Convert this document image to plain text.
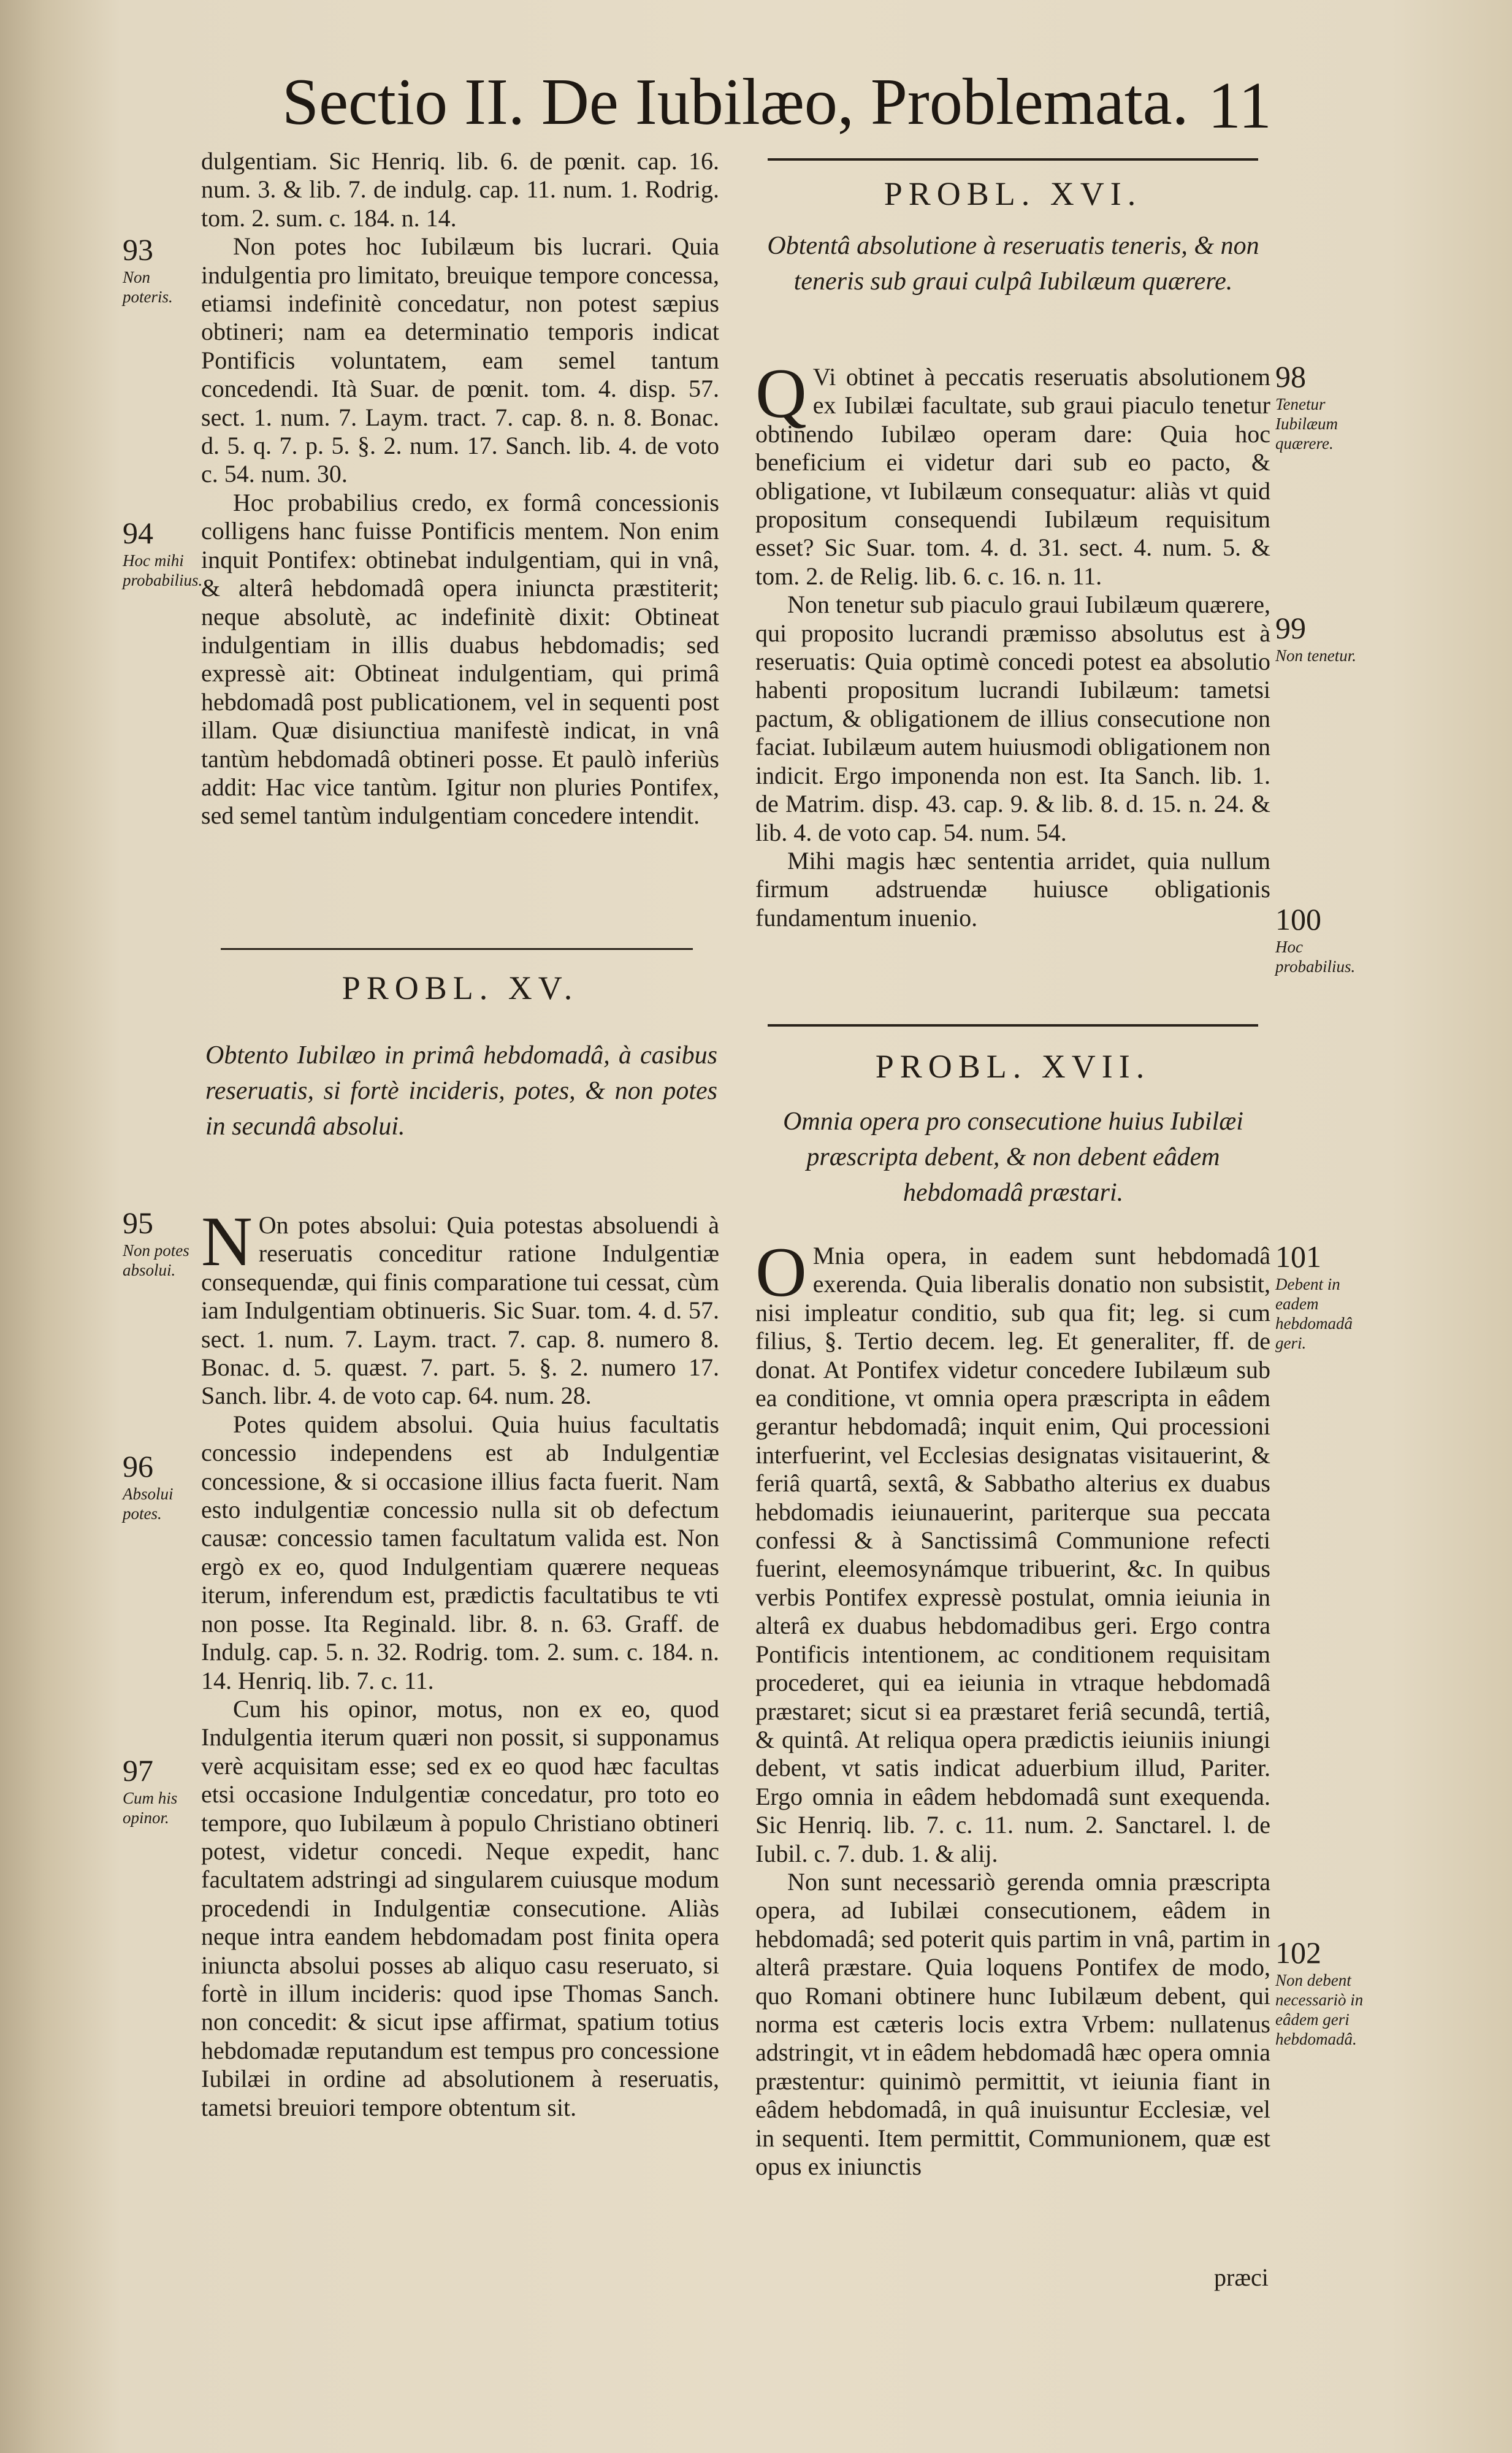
Sectio II. De Iubilæo, Problemata. 11

dulgentiam. Sic Henriq. lib. 6. de pœnit. cap. 16. num. 3. & lib. 7. de indulg. cap. 11. num. 1. Rodrig. tom. 2. sum. c. 184. n. 14.

Non potes hoc Iubilæum bis lucrari. Quia indulgentia pro limitato, breuique tempore concessa, etiamsi indefinitè concedatur, non potest sæpius obtineri; nam ea determinatio temporis indicat Pontificis voluntatem, eam semel tantum concedendi. Ità Suar. de pœnit. tom. 4. disp. 57. sect. 1. num. 7. Laym. tract. 7. cap. 8. n. 8. Bonac. d. 5. q. 7. p. 5. §. 2. num. 17. Sanch. lib. 4. de voto c. 54. num. 30.

Hoc probabilius credo, ex formâ concessionis colligens hanc fuisse Pontificis mentem. Non enim inquit Pontifex: obtinebat indulgentiam, qui in vnâ, & alterâ hebdomadâ opera iniuncta præstiterit; neque absolutè, ac indefinitè dixit: Obtineat indulgentiam in illis duabus hebdomadis; sed expressè ait: Obtineat indulgentiam, qui primâ hebdomadâ post publicationem, vel in sequenti post illam. Quæ disiunctiua manifestè indicat, in vnâ tantùm hebdomadâ obtineri posse. Et paulò inferiùs addit: Hac vice tantùm. Igitur non pluries Pontifex, sed semel tantùm indulgentiam concedere intendit.

PROBL. XV.
Obtento Iubilæo in primâ hebdomadâ, à casibus reseruatis, si fortè incideris, potes, & non potes in secundâ absolui.

N On potes absolui: Quia potestas absoluendi à reseruatis conceditur ratione Indulgentiæ consequendæ, qui finis comparatione tui cessat, cùm iam Indulgentiam obtinueris. Sic Suar. tom. 4. d. 57. sect. 1. num. 7. Laym. tract. 7. cap. 8. numero 8. Bonac. d. 5. quæst. 7. part. 5. §. 2. numero 17. Sanch. libr. 4. de voto cap. 64. num. 28.

Potes quidem absolui. Quia huius facultatis concessio independens est ab Indulgentiæ concessione, & si occasione illius facta fuerit. Nam esto indulgentiæ concessio nulla sit ob defectum causæ: concessio tamen facultatum valida est. Non ergò ex eo, quod Indulgentiam quærere nequeas iterum, inferendum est, prædictis facultatibus te vti non posse. Ita Reginald. libr. 8. n. 63. Graff. de Indulg. cap. 5. n. 32. Rodrig. tom. 2. sum. c. 184. n. 14. Henriq. lib. 7. c. 11.

Cum his opinor, motus, non ex eo, quod Indulgentia iterum quæri non possit, si supponamus verè acquisitam esse; sed ex eo quod hæc facultas etsi occasione Indulgentiæ concedatur, pro toto eo tempore, quo Iubilæum à populo Christiano obtineri potest, videtur concedi. Neque expedit, hanc facultatem adstringi ad singularem cuiusque modum procedendi in Indulgentiæ consecutione. Aliàs neque intra eandem hebdomadam post finita opera iniuncta absolui posses ab aliquo casu reseruato, si fortè in illum incideris: quod ipse Thomas Sanch. non concedit: & sicut ipse affirmat, spatium totius hebdomadæ reputandum est tempus pro concessione Iubilæi in ordine ad absolutionem à reseruatis, tametsi breuiori tempore obtentum sit.

PROBL. XVI.
Obtentâ absolutione à reseruatis teneris, & non teneris sub graui culpâ Iubilæum quærere.

Q Vi obtinet à peccatis reseruatis absolutionem ex Iubilæi facultate, sub graui piaculo tenetur obtinendo Iubilæo operam dare: Quia hoc beneficium ei videtur dari sub eo pacto, & obligatione, vt Iubilæum consequatur: aliàs vt quid propositum consequendi Iubilæum requisitum esset? Sic Suar. tom. 4. d. 31. sect. 4. num. 5. & tom. 2. de Relig. lib. 6. c. 16. n. 11.

Non tenetur sub piaculo graui Iubilæum quærere, qui proposito lucrandi præmisso absolutus est à reseruatis: Quia optimè concedi potest ea absolutio habenti propositum lucrandi Iubilæum: tametsi pactum, & obligationem de illius consecutione non faciat. Iubilæum autem huiusmodi obligationem non indicit. Ergo imponenda non est. Ita Sanch. lib. 1. de Matrim. disp. 43. cap. 9. & lib. 8. d. 15. n. 24. & lib. 4. de voto cap. 54. num. 54.

Mihi magis hæc sententia arridet, quia nullum firmum adstruendæ huiusce obligationis fundamentum inuenio.

PROBL. XVII.
Omnia opera pro consecutione huius Iubilæi præscripta debent, & non debent eâdem hebdomadâ præstari.

O Mnia opera, in eadem sunt hebdomadâ exerenda. Quia liberalis donatio non subsistit, nisi impleatur conditio, sub qua fit; leg. si cum filius, §. Tertio decem. leg. Et generaliter, ff. de donat. At Pontifex videtur concedere Iubilæum sub ea conditione, vt omnia opera præscripta in eâdem gerantur hebdomadâ; inquit enim, Qui processioni interfuerint, vel Ecclesias designatas visitauerint, & feriâ quartâ, sextâ, & Sabbatho alterius ex duabus hebdomadis ieiunauerint, pariterque sua peccata confessi & à Sanctissimâ Communione refecti fuerint, eleemosynámque tribuerint, &c. In quibus verbis Pontifex expressè postulat, omnia ieiunia in alterâ ex duabus hebdomadibus geri. Ergo contra Pontificis intentionem, ac conditionem requisitam procederet, qui ea ieiunia in vtraque hebdomadâ præstaret; sicut si ea præstaret feriâ secundâ, tertiâ, & quintâ. At reliqua opera prædictis ieiuniis iniungi debent, vt satis indicat aduerbium illud, Pariter. Ergo omnia in eâdem hebdomadâ sunt exequenda. Sic Henriq. lib. 7. c. 11. num. 2. Sanctarel. l. de Iubil. c. 7. dub. 1. & alij.

Non sunt necessariò gerenda omnia præscripta opera, ad Iubilæi consecutionem, eâdem in hebdomadâ; sed poterit quis partim in vnâ, partim in alterâ præstare. Quia loquens Pontifex de modo, quo Romani obtinere hunc Iubilæum debent, qui norma est cæteris locis extra Vrbem: nullatenus adstringit, vt in eâdem hebdomadâ hæc opera omnia præstentur: quinimò permittit, vt ieiunia fiant in eâdem hebdomadâ, in quâ inuisuntur Ecclesiæ, vel in sequenti. Item permittit, Communionem, quæ est opus ex iniunctis

præci
93
Non poteris.
94
Hoc mihi probabilius.
95
Non potes absolui.
96
Absolui potes.
97
Cum his opinor.
98
Tenetur Iubilæum quærere.
99
Non tenetur.
100
Hoc probabilius.
101
Debent in eadem hebdomadâ geri.
102
Non debent necessariò in eâdem geri hebdomadâ.
